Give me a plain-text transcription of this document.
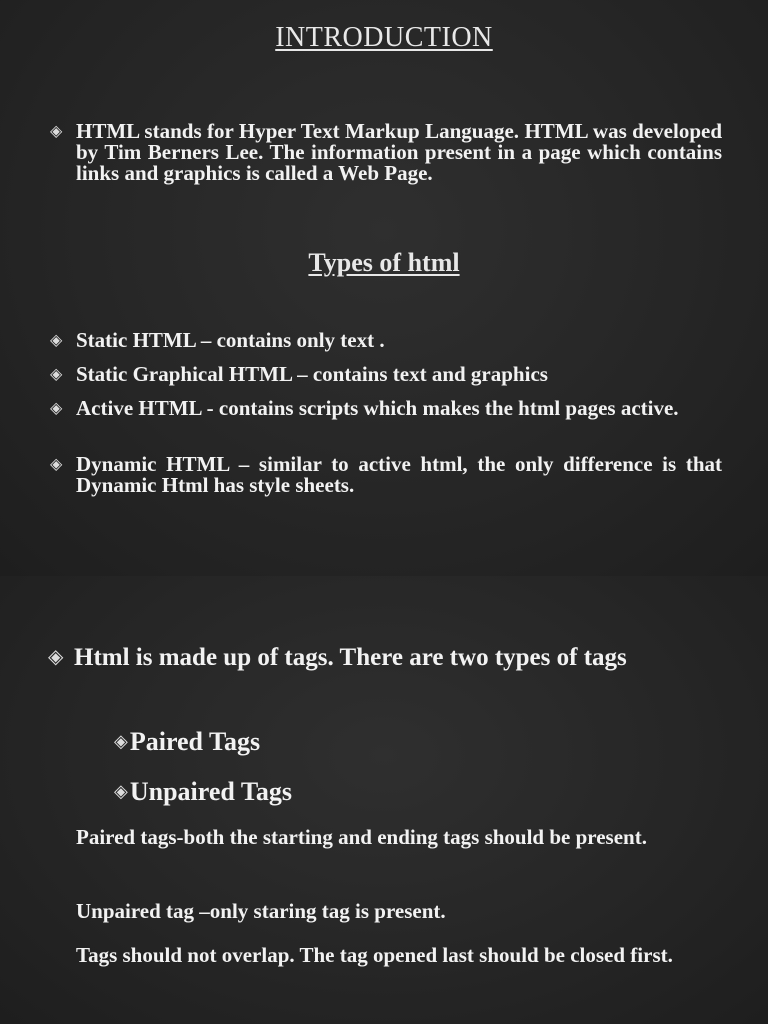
INTRODUCTION
◈ HTML stands for Hyper Text Markup Language. HTML was developed by Tim Berners Lee. The information present in a page which contains links and graphics is called a Web Page.
Types of html
◈ Static HTML – contains only text .
◈ Static Graphical HTML – contains text and graphics
◈ Active HTML - contains scripts which makes the html pages active.
◈ Dynamic HTML – similar to active html, the only difference is that Dynamic Html has style sheets.
◈ Html is made up of tags. There are two types of tags
◈ Paired Tags
◈ Unpaired Tags

Paired tags-both the starting and ending tags should be present.

Unpaired tag –only staring tag is present.

Tags should not overlap. The tag opened last should be closed first.
